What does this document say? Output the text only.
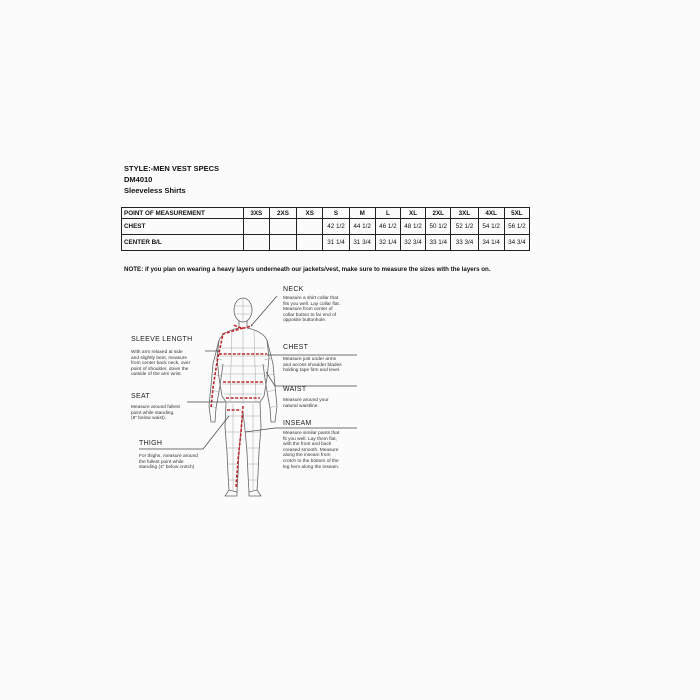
STYLE:-MEN VEST SPECS
DM4010
Sleeveless Shirts
POINT OF MEASUREMENT	3XS	2XS	XS	S	M	L	XL	2XL	3XL	4XL	5XL
CHEST				42 1/2	44 1/2	46 1/2	48 1/2	50 1/2	52 1/2	54 1/2	56 1/2
CENTER B/L				31 1/4	31 3/4	32 1/4	32 3/4	33 1/4	33 3/4	34 1/4	34 3/4
NOTE: if you plan on wearing a heavy layers underneath our jackets/vest, make sure to measure the sizes with the layers on.
NECK
Measure a shirt collar that
fits you well. Lay collar flat.
Measure from center of
collar button to far end of
opposite buttonhole.
CHEST
Measure just under arms
and across shoulder blades
holding tape firm and level.
WAIST
Measure around your
natural waistline.
INSEAM
Measure similar pants that
fit you well. Lay them flat,
with the front and back
creased smooth. Measure
along the inseam from
crotch to the bottom of the
leg hem along the inseam.
SLEEVE LENGTH
With arm relaxed at side
and slightly bent, measure
from center back neck, over
point of shoulder, down the
outside of the arm wrist.
SEAT
Measure around fullest
point while standing.
(8" below waist).
THIGH
For thighs, measure around
the fullest point while
standing (4" below crotch)
